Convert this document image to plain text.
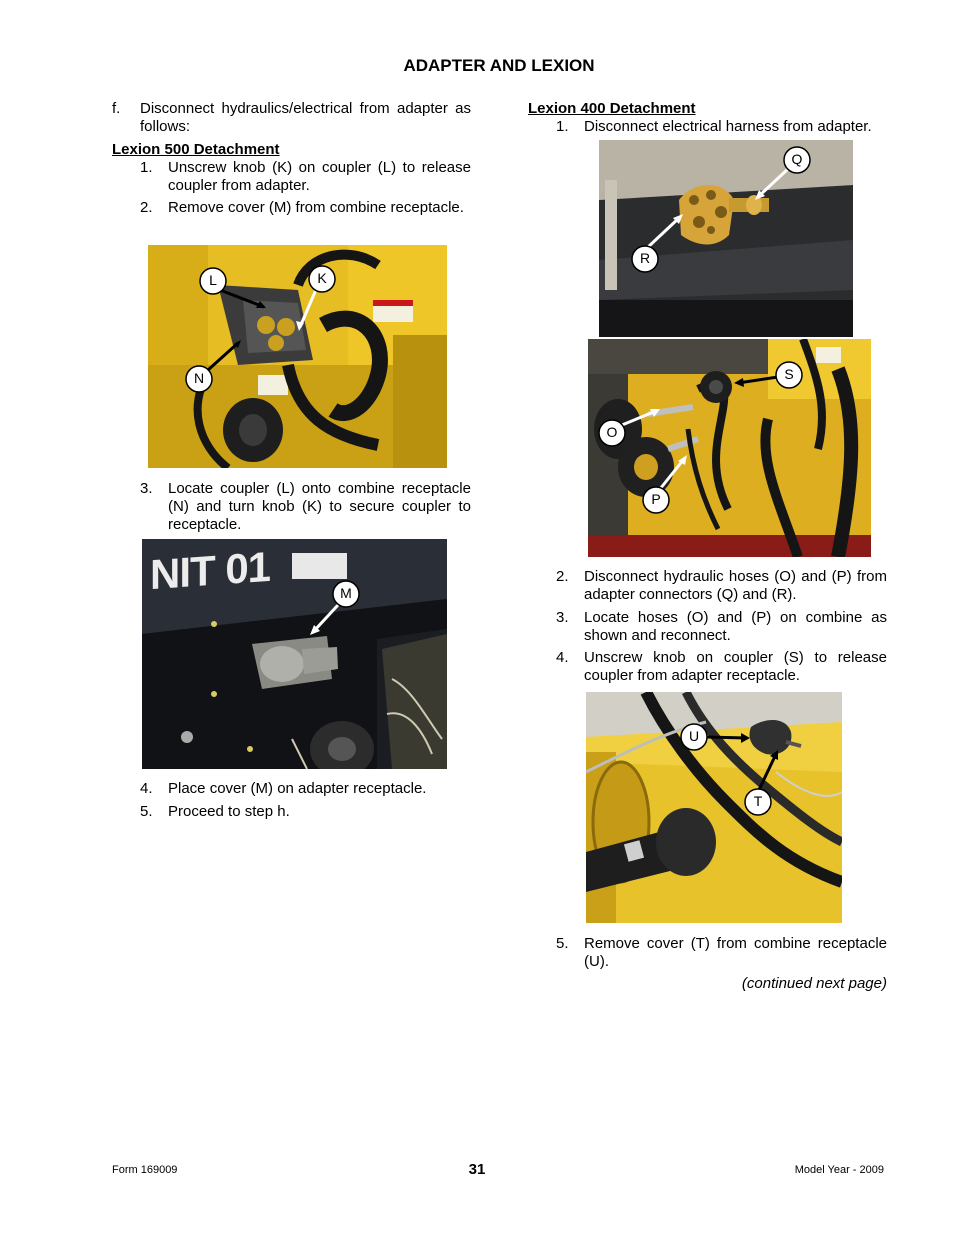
ADAPTER AND LEXION
f. Disconnect hydraulics/electrical from adapter as follows:
Lexion 500 Detachment
1. Unscrew knob (K) on coupler (L) to release coupler from adapter.
2. Remove cover (M) from combine receptacle.
L	K
N
3. Locate coupler (L) onto combine receptacle (N) and turn knob (K) to secure coupler to receptacle.
NIT 01	M
4. Place cover (M) on adapter receptacle.
5. Proceed to step h.
Lexion 400 Detachment
1. Disconnect electrical harness from adapter.
Q
R
S
O
P
2. Disconnect hydraulic hoses (O) and (P) from adapter connectors (Q) and (R).
3. Locate hoses (O) and (P) on combine as shown and reconnect.
4. Unscrew knob on coupler (S) to release coupler from adapter receptacle.
U
T
5. Remove cover (T) from combine receptacle (U).
(continued next page)
Form 169009	31	Model Year - 2009
